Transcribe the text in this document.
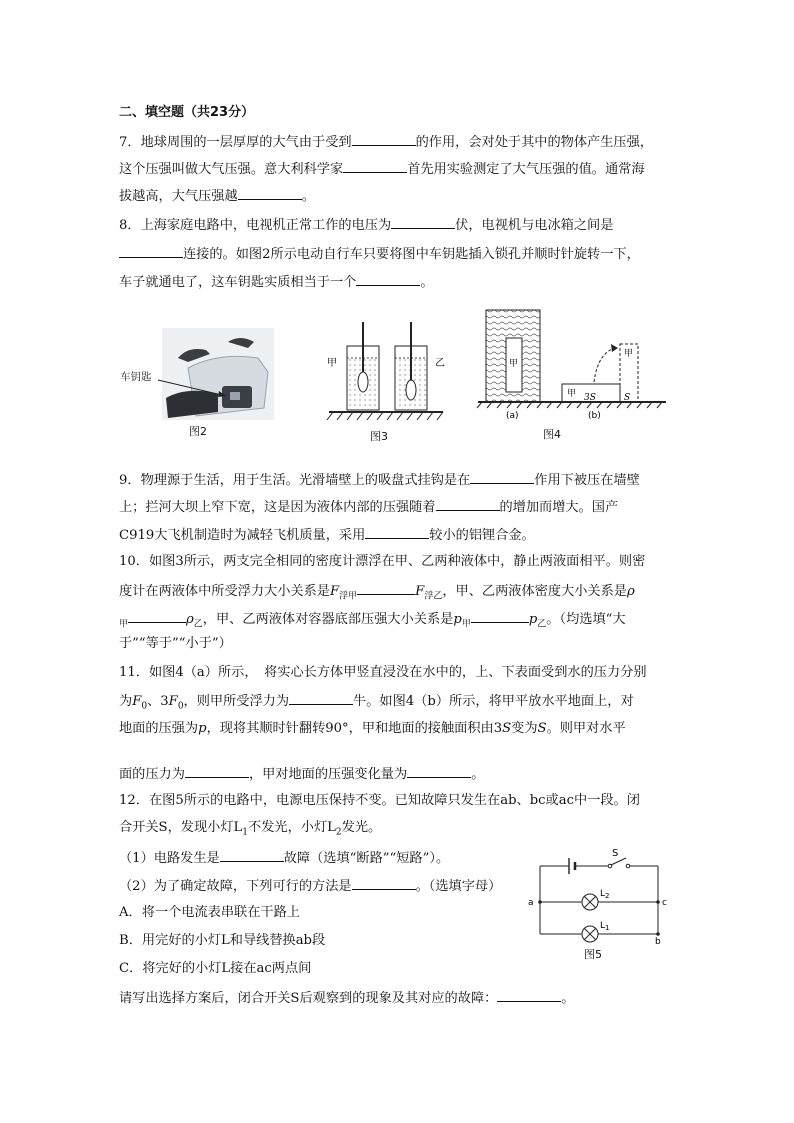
二、填空题（共23分）
7．地球周围的一层厚厚的大气由于受到	的作用，会对处于其中的物体产生压强，
这个压强叫做大气压强。意大利科学家	首先用实验测定了大气压强的值。通常海
拔越高，大气压强越	。
8．上海家庭电路中，电视机正常工作的电压为	伏，电视机与电冰箱之间是
连接的。如图2所示电动自行车只要将图中车钥匙插入锁孔并顺时针旋转一下，
车子就通电了，这车钥匙实质相当于一个	。
车钥匙
图2
甲	乙
图3
甲
甲 3S
甲
S
(a)	(b)
图4
9．物理源于生活，用于生活。光滑墙壁上的吸盘式挂钩是在	作用下被压在墙壁
上；拦河大坝上窄下宽，这是因为液体内部的压强随着	的增加而增大。国产
C919大飞机制造时为减轻飞机质量，采用	较小的铝锂合金。
10．如图3所示，两支完全相同的密度计漂浮在甲、乙两种液体中，静止两液面相平。则密
度计在两液体中所受浮力大小关系是$F_{浮甲}$	$F_{浮乙}$，甲、乙两液体密度大小关系是ρ
$_甲$	$\rho_乙$，甲、乙两液体对容器底部压强大小关系是$p_甲$	$p_乙$。（均选填“大
于”“等于”“小于”）
11．如图4（a）所示，　将实心长方体甲竖直浸没在水中的，上、下表面受到水的压力分别
为$F_0$、$3F_0$，则甲所受浮力为	牛。如图4（b）所示，将甲平放水平地面上，对
地面的压强为p，现将其顺时针翻转90°，甲和地面的接触面积由3S变为S。则甲对水平
面的压力为	，甲对地面的压强变化量为	。
12．在图5所示的电路中，电源电压保持不变。已知故障只发生在ab、bc或ac中一段。闭
合开关S，发现小灯$L_1$不发光，小灯$L_2$发光。
（1）电路发生是	故障（选填“断路”“短路”）。
（2）为了确定故障，下列可行的方法是	。（选填字母）
A．将一个电流表串联在干路上
B．用完好的小灯L和导线替换ab段
C．将完好的小灯L接在ac两点间
请写出选择方案后，闭合开关S后观察到的现象及其对应的故障：	。
S
$L_2$
$L_1$
a	c
b
图5
